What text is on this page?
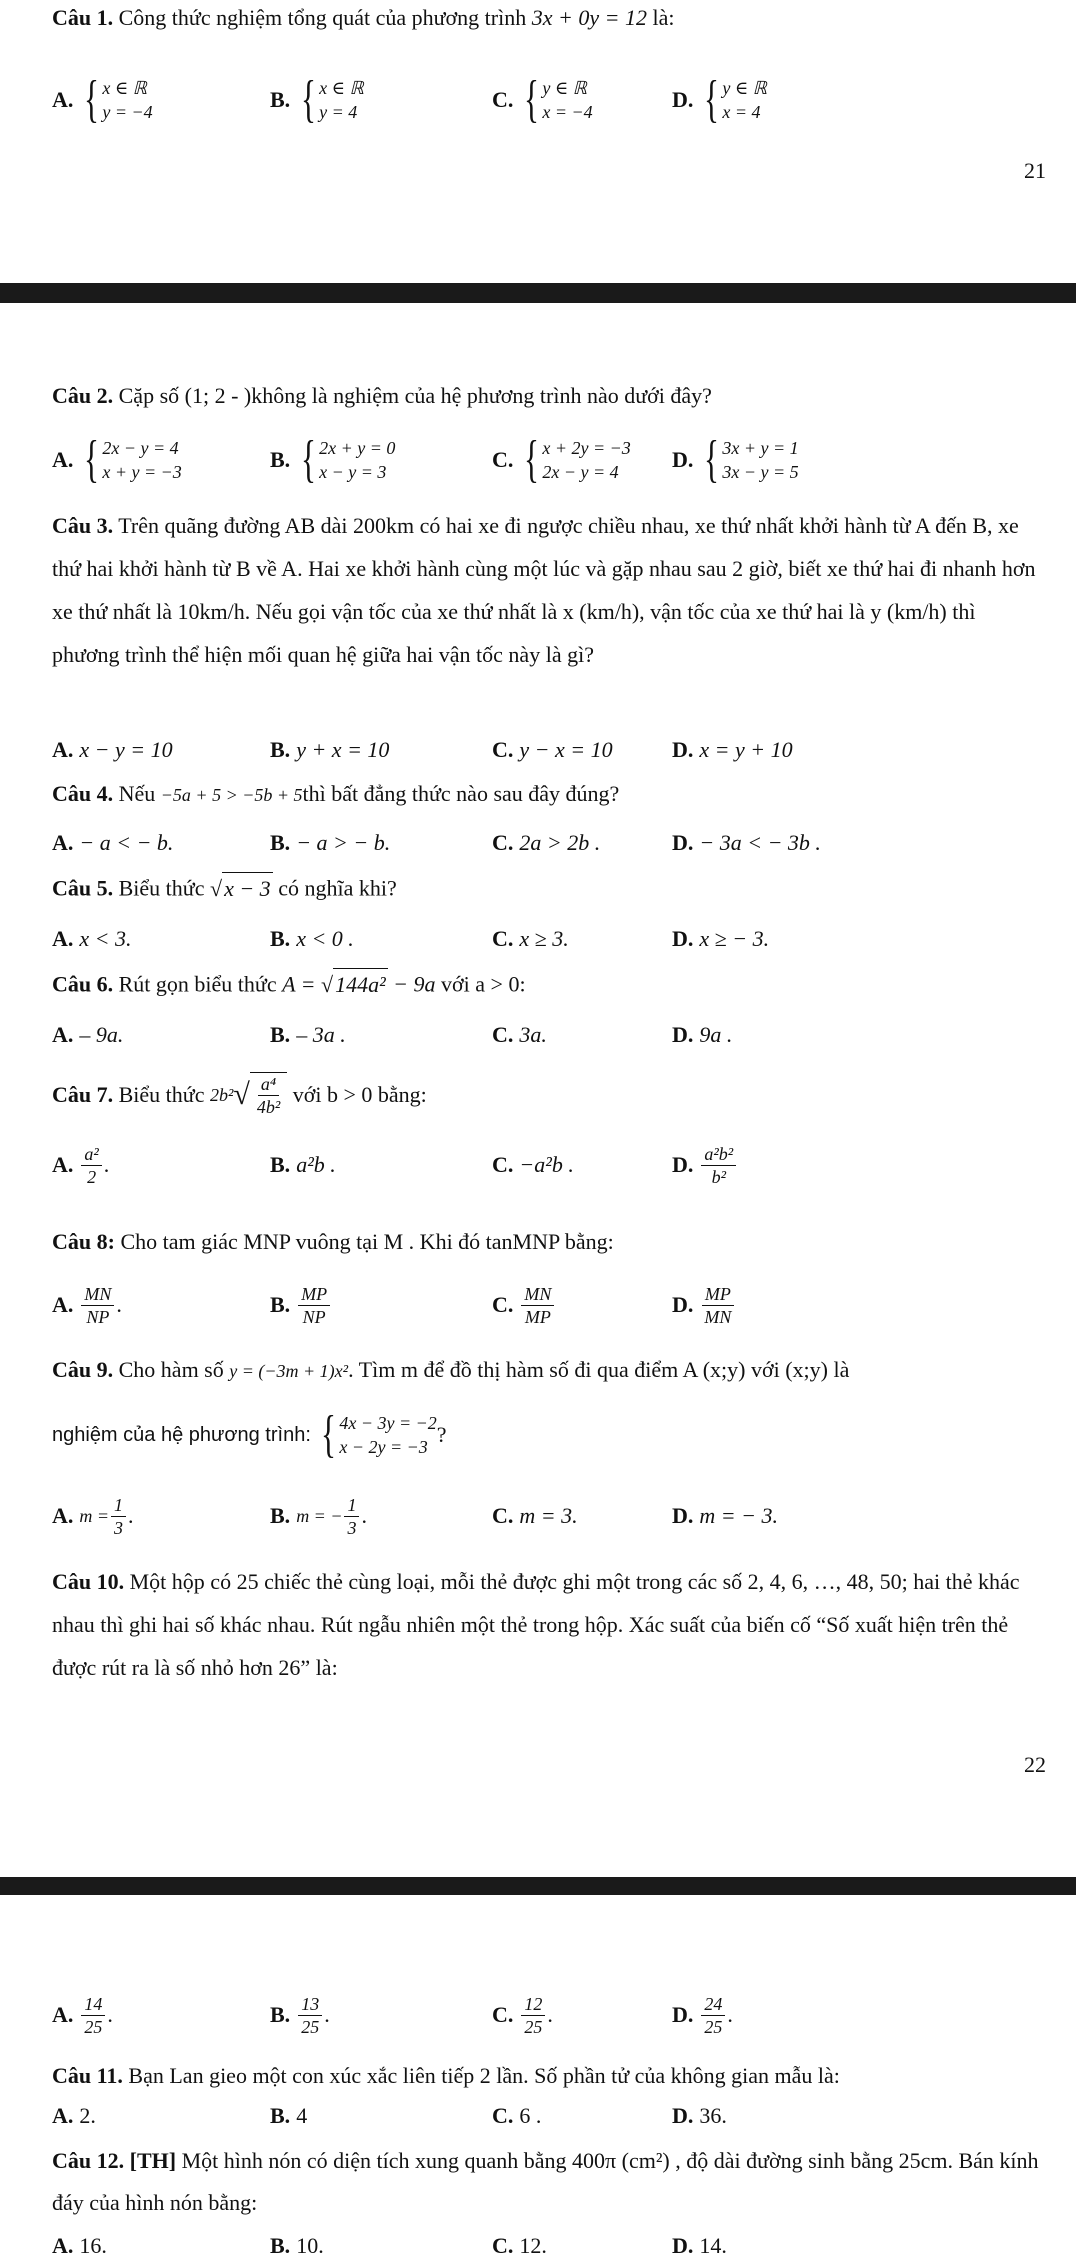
Câu 1. Công thức nghiệm tổng quát của phương trình 3x + 0y = 12 là:
A. { x ∈ ℝ
y = −4	B. { x ∈ ℝ
y = 4	C. { y ∈ ℝ
x = −4	D. { y ∈ ℝ
x = 4
21
Câu 2. Cặp số (1; 2 - )không là nghiệm của hệ phương trình nào dưới đây?
A. { 2x − y = 4
x + y = −3	B. { 2x + y = 0
x − y = 3	C. { x + 2y = −3
2x − y = 4	D. { 3x + y = 1
3x − y = 5
Câu 3. Trên quãng đường AB dài 200km có hai xe đi ngược chiều nhau, xe thứ nhất khởi hành từ A đến B, xe thứ hai khởi hành từ B về A. Hai xe khởi hành cùng một lúc và gặp nhau sau 2 giờ, biết xe thứ hai đi nhanh hơn xe thứ nhất là 10km/h. Nếu gọi vận tốc của xe thứ nhất là x (km/h), vận tốc của xe thứ hai là y (km/h) thì phương trình thể hiện mối quan hệ giữa hai vận tốc này là gì?
A. x − y = 10	B. y + x = 10	C. y − x = 10	D. x = y + 10
Câu 4. Nếu −5a + 5 > −5b + 5thì bất đẳng thức nào sau đây đúng?
A. − a < − b.	B. − a > − b.	C. 2a > 2b .	D. − 3a < − 3b .
Câu 5. Biểu thức √ x − 3 có nghĩa khi?
A. x < 3.	B. x < 0 .	C. x ≥ 3.	D. x ≥ − 3.
Câu 6. Rút gọn biểu thức A = √ 144a² − 9a với a > 0:
A. – 9a.	B. – 3a .	C. 3a.	D. 9a .
Câu 7.
Biểu thức
2b² √ $\frac{\text{a⁴}}{\text{4b²}}$
với b > 0 bằng:
A. $\frac{\text{a²}}{2}$ .	B. a²b .	C. −a²b .	D. $\frac{\text{a²b²}}{\text{b²}}$
Câu 8: Cho tam giác MNP vuông tại M . Khi đó tanMNP bằng:
A. $\frac{MN}{NP}$ .	B. $\frac{MP}{NP}$	C. $\frac{MN}{MP}$	D. $\frac{MP}{MN}$
Câu 9. Cho hàm số y = (−3m + 1)x². Tìm m để đồ thị hàm số đi qua điểm A (x;y) với (x;y) là
nghiệm của hệ phương trình:
{ 4x − 3y = −2
x − 2y = −3 ?
A. $m = \frac{1}{3}$ .	B. m = − $\frac{1}{3}$ .	C. m = 3.	D. m = − 3.
Câu 10. Một hộp có 25 chiếc thẻ cùng loại, mỗi thẻ được ghi một trong các số 2, 4, 6, …, 48, 50; hai thẻ khác nhau thì ghi hai số khác nhau. Rút ngẫu nhiên một thẻ trong hộp. Xác suất của biến cố “Số xuất hiện trên thẻ được rút ra là số nhỏ hơn 26” là:
22
A. $\frac{14}{25}$ .	B. $\frac{13}{25}$ .	C. $\frac{12}{25}$ .	D. $\frac{24}{25}$ .
Câu 11. Bạn Lan gieo một con xúc xắc liên tiếp 2 lần. Số phần tử của không gian mẫu là:
A. 2.	B. 4	C. 6 .	D. 36.
Câu 12. [TH] Một hình nón có diện tích xung quanh bằng 400π (cm²) , độ dài đường sinh bằng 25cm. Bán kính đáy của hình nón bằng:
A. 16.	B. 10.	C. 12.	D. 14.
